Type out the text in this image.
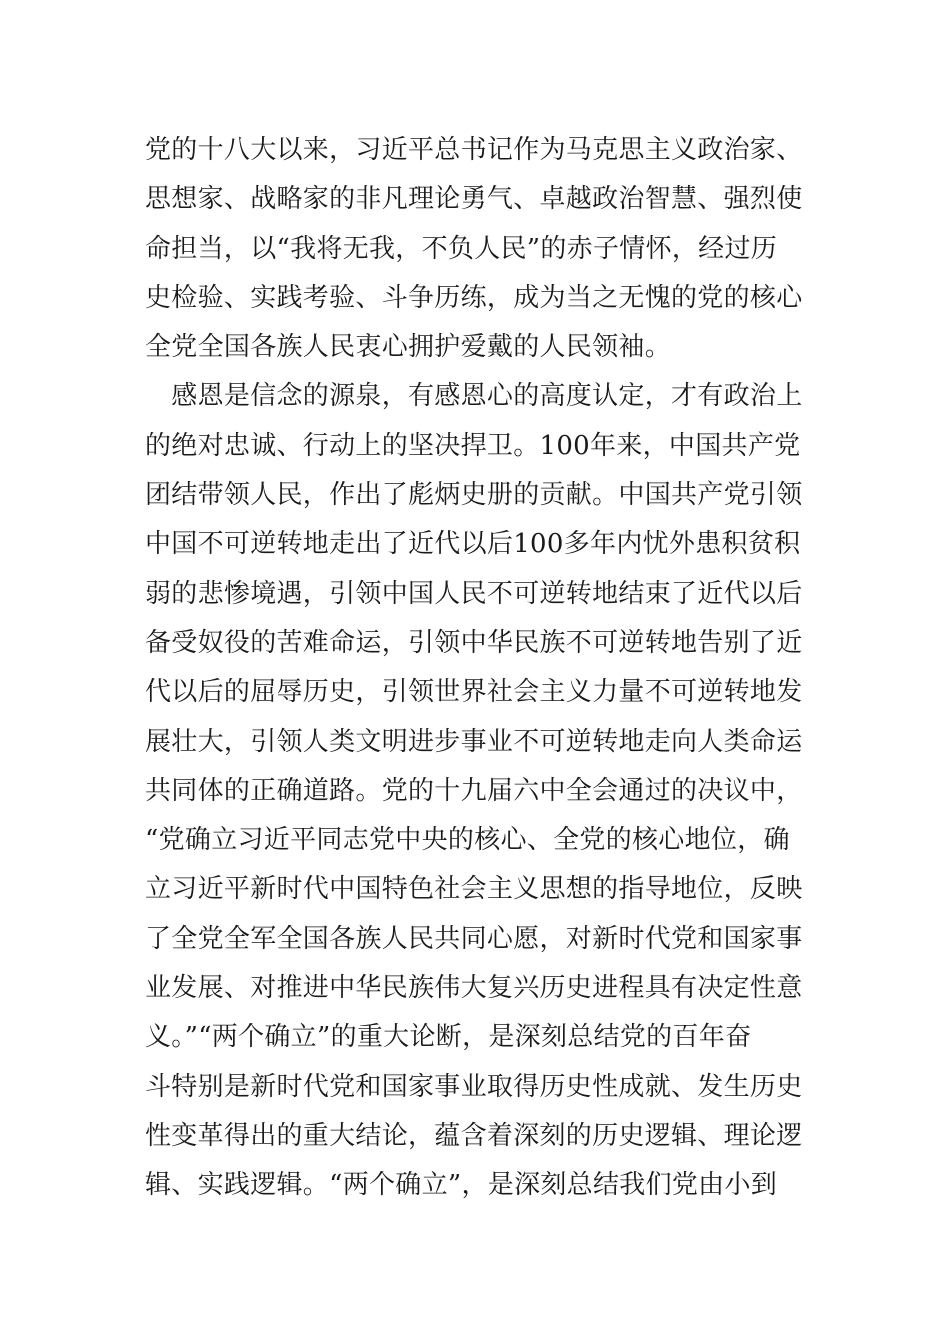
党的十八大以来，习近平总书记作为马克思主义政治家、
思想家、战略家的非凡理论勇气、卓越政治智慧、强烈使
命担当，以“我将无我，不负人民”的赤子情怀，经过历
史检验、实践考验、斗争历练，成为当之无愧的党的核心
全党全国各族人民衷心拥护爱戴的人民领袖。
　感恩是信念的源泉，有感恩心的高度认定，才有政治上
的绝对忠诚、行动上的坚决捍卫。100年来，中国共产党
团结带领人民，作出了彪炳史册的贡献。中国共产党引领
中国不可逆转地走出了近代以后100多年内忧外患积贫积
弱的悲惨境遇，引领中国人民不可逆转地结束了近代以后
备受奴役的苦难命运，引领中华民族不可逆转地告别了近
代以后的屈辱历史，引领世界社会主义力量不可逆转地发
展壮大，引领人类文明进步事业不可逆转地走向人类命运
共同体的正确道路。党的十九届六中全会通过的决议中，
“党确立习近平同志党中央的核心、全党的核心地位，确
立习近平新时代中国特色社会主义思想的指导地位，反映
了全党全军全国各族人民共同心愿，对新时代党和国家事
业发展、对推进中华民族伟大复兴历史进程具有决定性意
义。”“两个确立”的重大论断，是深刻总结党的百年奋
斗特别是新时代党和国家事业取得历史性成就、发生历史
性变革得出的重大结论，蕴含着深刻的历史逻辑、理论逻
辑、实践逻辑。“两个确立”，是深刻总结我们党由小到
